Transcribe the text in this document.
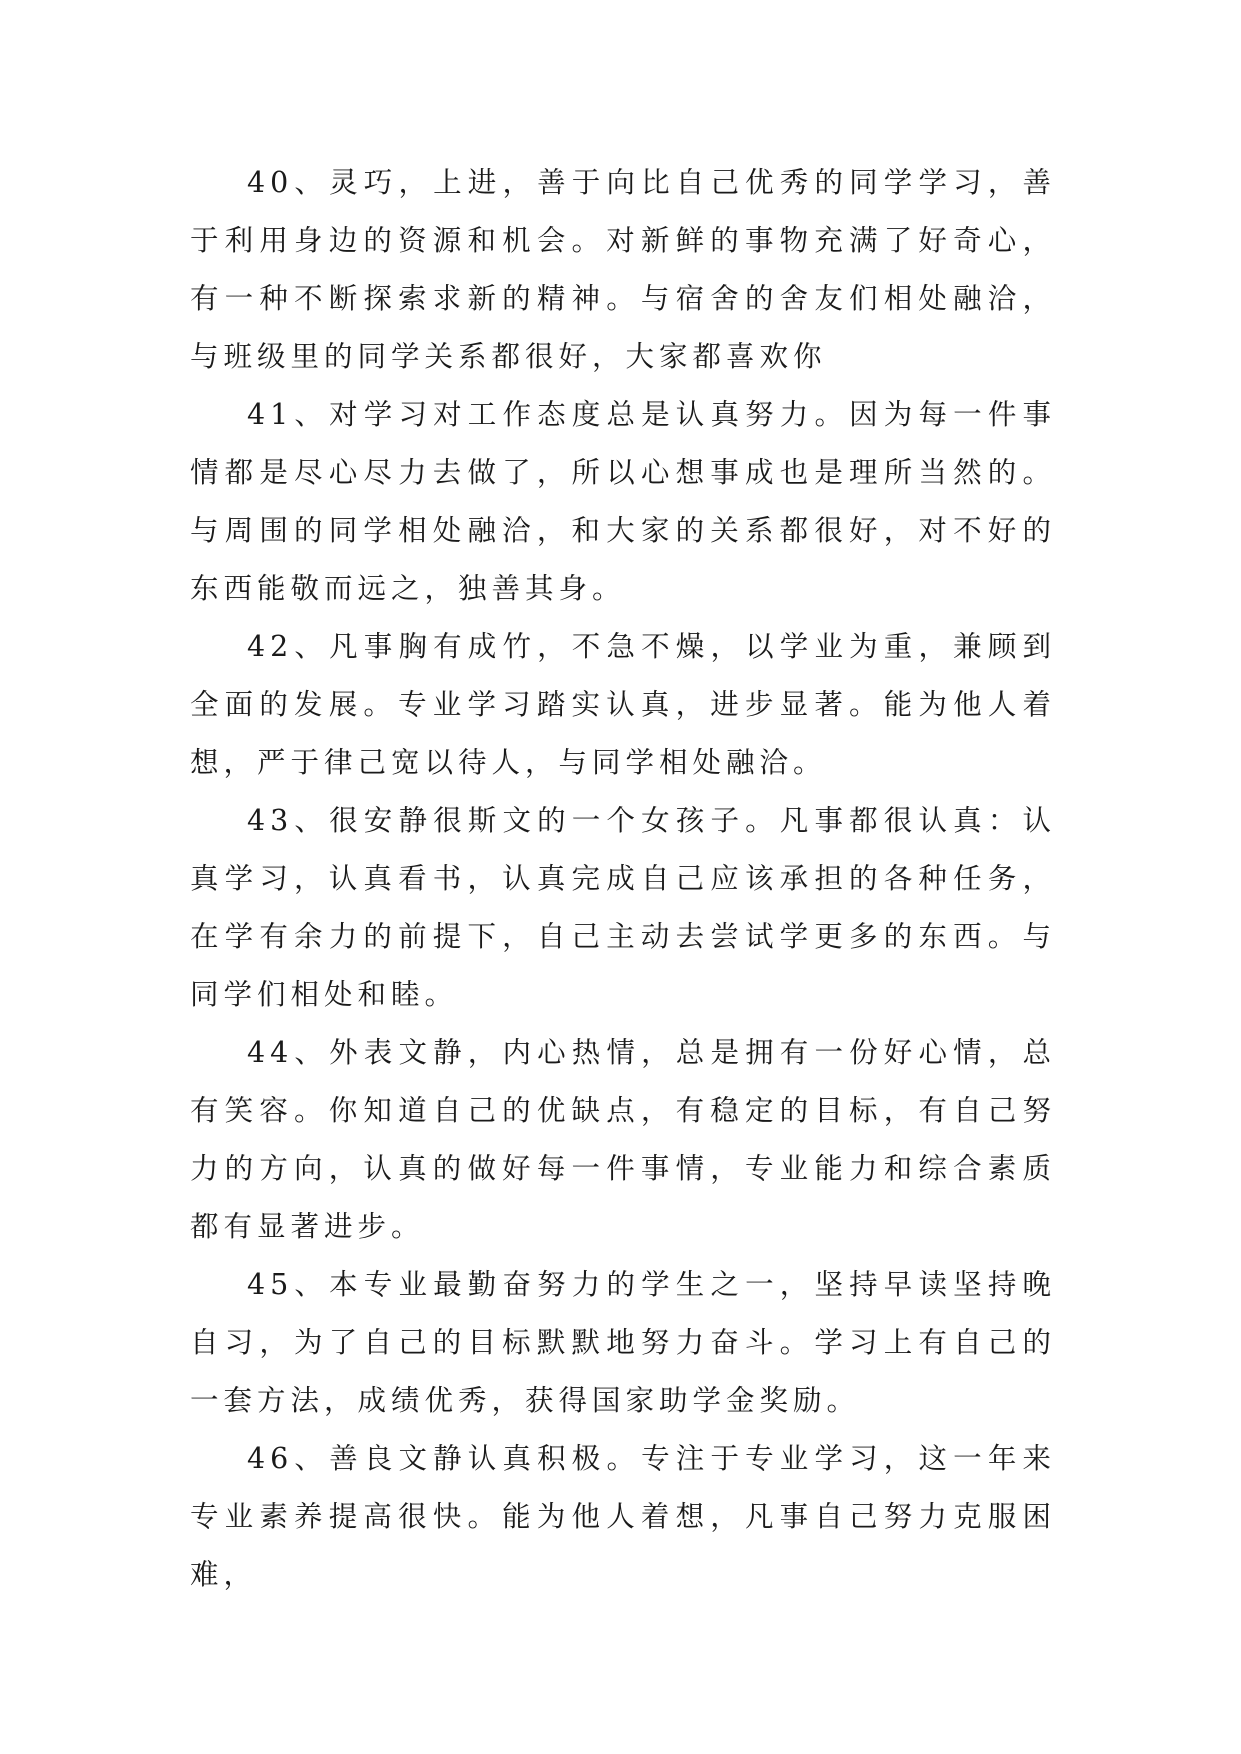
40、灵巧，上进，善于向比自己优秀的同学学习，善于利用身边的资源和机会。对新鲜的事物充满了好奇心，有一种不断探索求新的精神。与宿舍的舍友们相处融洽，与班级里的同学关系都很好，大家都喜欢你

41、对学习对工作态度总是认真努力。因为每一件事情都是尽心尽力去做了，所以心想事成也是理所当然的。与周围的同学相处融洽，和大家的关系都很好，对不好的东西能敬而远之，独善其身。

42、凡事胸有成竹，不急不燥，以学业为重，兼顾到全面的发展。专业学习踏实认真，进步显著。能为他人着想，严于律己宽以待人，与同学相处融洽。

43、很安静很斯文的一个女孩子。凡事都很认真：认真学习，认真看书，认真完成自己应该承担的各种任务，在学有余力的前提下，自己主动去尝试学更多的东西。与同学们相处和睦。

44、外表文静，内心热情，总是拥有一份好心情，总有笑容。你知道自己的优缺点，有稳定的目标，有自己努力的方向，认真的做好每一件事情，专业能力和综合素质都有显著进步。

45、本专业最勤奋努力的学生之一，坚持早读坚持晚自习，为了自己的目标默默地努力奋斗。学习上有自己的一套方法，成绩优秀，获得国家助学金奖励。

46、善良文静认真积极。专注于专业学习，这一年来专业素养提高很快。能为他人着想，凡事自己努力克服困难，
